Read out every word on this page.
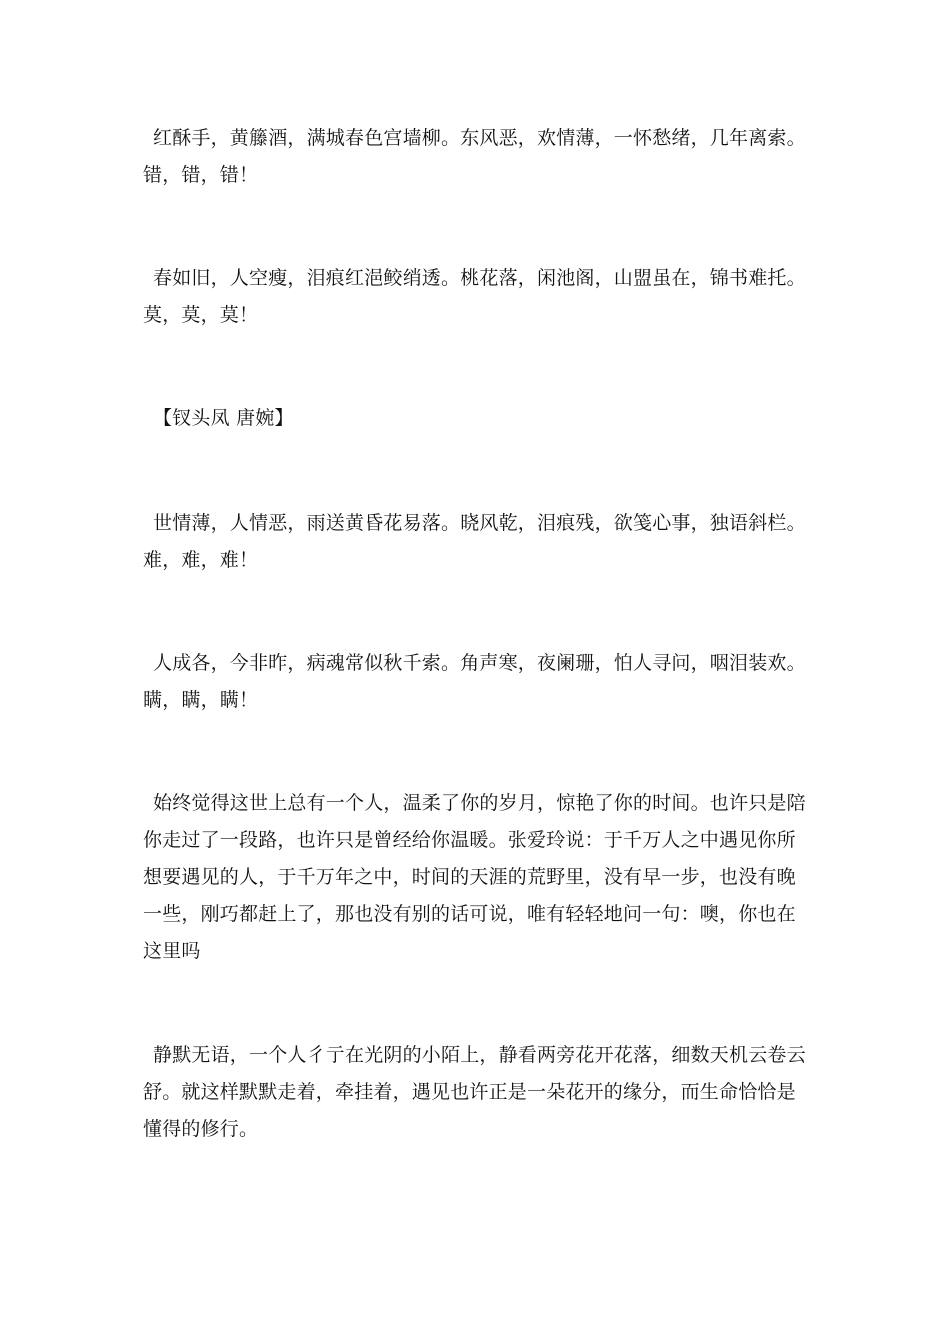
红酥手，黄籐酒，满城春色宫墙柳。东风恶，欢情薄，一怀愁绪，几年离索。
错，错，错！

春如旧，人空瘦，泪痕红浥鲛绡透。桃花落，闲池阁，山盟虽在，锦书难托。
莫，莫，莫！

【钗头凤 唐婉】

世情薄，人情恶，雨送黄昏花易落。晓风乾，泪痕残，欲笺心事，独语斜栏。
难，难，难！

人成各，今非昨，病魂常似秋千索。角声寒，夜阑珊，怕人寻问，咽泪装欢。
瞒，瞒，瞒！

始终觉得这世上总有一个人，温柔了你的岁月，惊艳了你的时间。也许只是陪
你走过了一段路，也许只是曾经给你温暖。张爱玲说：于千万人之中遇见你所
想要遇见的人，于千万年之中，时间的天涯的荒野里，没有早一步，也没有晚
一些，刚巧都赶上了，那也没有别的话可说，唯有轻轻地问一句：噢，你也在
这里吗

静默无语，一个人彳亍在光阴的小陌上，静看两旁花开花落，细数天机云卷云
舒。就这样默默走着，牵挂着，遇见也许正是一朵花开的缘分，而生命恰恰是
懂得的修行。
